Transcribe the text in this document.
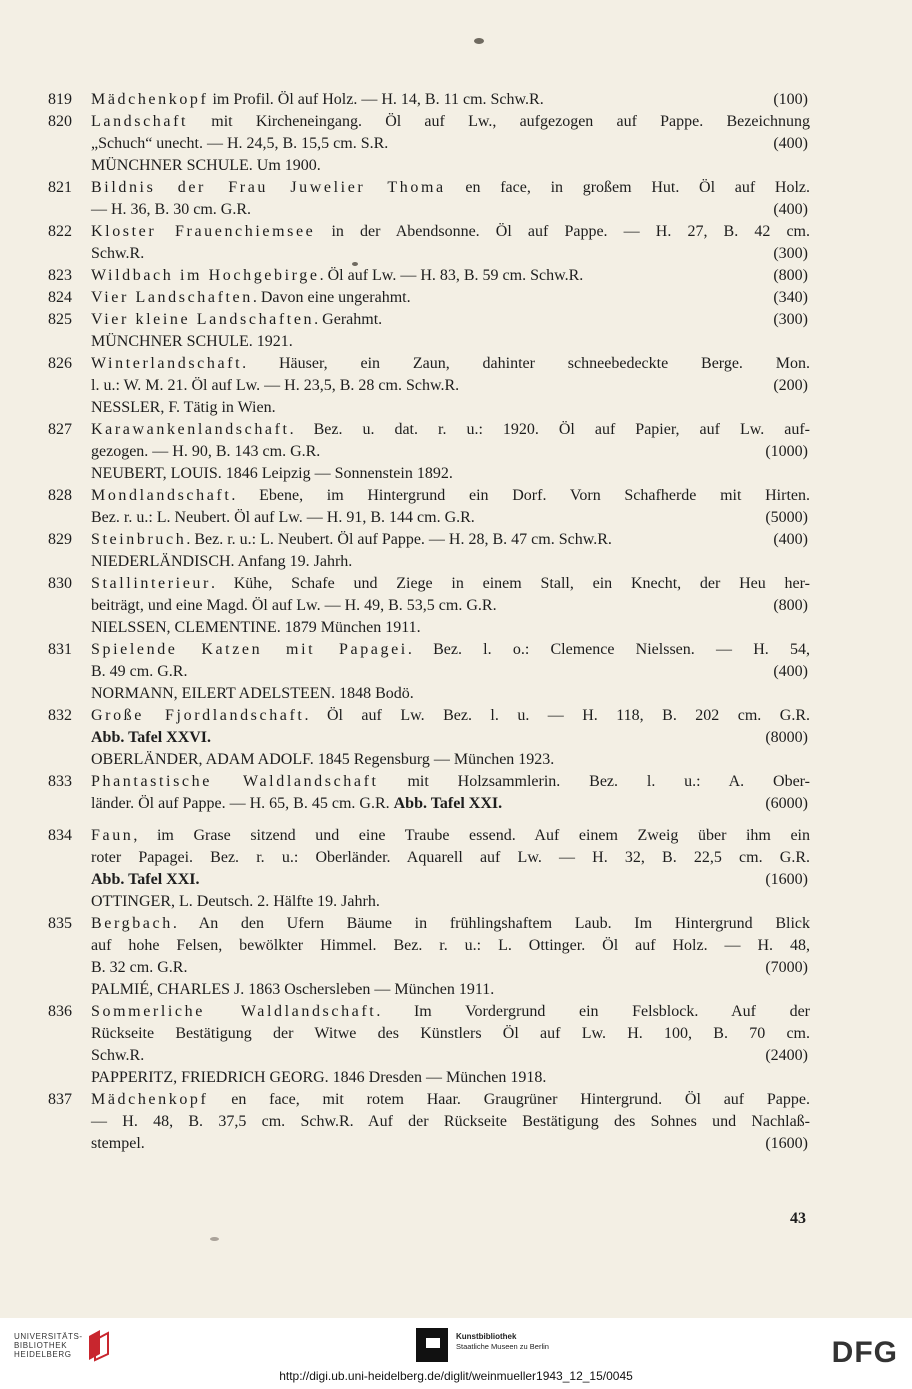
819 Mädchenkopf im Profil. Öl auf Holz. — H. 14, B. 11 cm. Schw.R.	(100)
820 Landschaft mit Kircheneingang. Öl auf Lw., aufgezogen auf Pappe. Bezeichnung
„Schuch“ unecht. — H. 24,5, B. 15,5 cm. S.R.	(400)
MÜNCHNER SCHULE. Um 1900.
821 Bildnis der Frau Juwelier Thoma en face, in großem Hut. Öl auf Holz.
— H. 36, B. 30 cm. G.R.	(400)
822 Kloster Frauenchiemsee in der Abendsonne. Öl auf Pappe. — H. 27, B. 42 cm.
Schw.R.	(300)
823 Wildbach im Hochgebirge. Öl auf Lw. — H. 83, B. 59 cm. Schw.R.	(800)
824 Vier Landschaften. Davon eine ungerahmt.	(340)
825 Vier kleine Landschaften. Gerahmt.	(300)
MÜNCHNER SCHULE. 1921.
826 Winterlandschaft. Häuser, ein Zaun, dahinter schneebedeckte Berge. Mon.
l. u.: W. M. 21. Öl auf Lw. — H. 23,5, B. 28 cm. Schw.R.	(200)
NESSLER, F. Tätig in Wien.
827 Karawankenlandschaft. Bez. u. dat. r. u.: 1920. Öl auf Papier, auf Lw. auf-
gezogen. — H. 90, B. 143 cm. G.R.	(1000)
NEUBERT, LOUIS. 1846 Leipzig — Sonnenstein 1892.
828 Mondlandschaft. Ebene, im Hintergrund ein Dorf. Vorn Schafherde mit Hirten.
Bez. r. u.: L. Neubert. Öl auf Lw. — H. 91, B. 144 cm. G.R.	(5000)
829 Steinbruch. Bez. r. u.: L. Neubert. Öl auf Pappe. — H. 28, B. 47 cm. Schw.R.	(400)
NIEDERLÄNDISCH. Anfang 19. Jahrh.
830 Stallinterieur. Kühe, Schafe und Ziege in einem Stall, ein Knecht, der Heu her-
beiträgt, und eine Magd. Öl auf Lw. — H. 49, B. 53,5 cm. G.R.	(800)
NIELSSEN, CLEMENTINE. 1879 München 1911.
831 Spielende Katzen mit Papagei. Bez. l. o.: Clemence Nielssen. — H. 54,
B. 49 cm. G.R.	(400)
NORMANN, EILERT ADELSTEEN. 1848 Bodö.
832 Große Fjordlandschaft. Öl auf Lw. Bez. l. u. — H. 118, B. 202 cm. G.R.
Abb. Tafel XXVI.	(8000)
OBERLÄNDER, ADAM ADOLF. 1845 Regensburg — München 1923.
833 Phantastische Waldlandschaft mit Holzsammlerin. Bez. l. u.: A. Ober-
länder. Öl auf Pappe. — H. 65, B. 45 cm. G.R. Abb. Tafel XXI.	(6000)
834 Faun, im Grase sitzend und eine Traube essend. Auf einem Zweig über ihm ein
roter Papagei. Bez. r. u.: Oberländer. Aquarell auf Lw. — H. 32, B. 22,5 cm. G.R.
Abb. Tafel XXI.	(1600)
OTTINGER, L. Deutsch. 2. Hälfte 19. Jahrh.
835 Bergbach. An den Ufern Bäume in frühlingshaftem Laub. Im Hintergrund Blick
auf hohe Felsen, bewölkter Himmel. Bez. r. u.: L. Ottinger. Öl auf Holz. — H. 48,
B. 32 cm. G.R.	(7000)
PALMIÉ, CHARLES J. 1863 Oschersleben — München 1911.
836 Sommerliche Waldlandschaft. Im Vordergrund ein Felsblock. Auf der
Rückseite Bestätigung der Witwe des Künstlers Öl auf Lw. H. 100, B. 70 cm.
Schw.R.	(2400)
PAPPERITZ, FRIEDRICH GEORG. 1846 Dresden — München 1918.
837 Mädchenkopf en face, mit rotem Haar. Graugrüner Hintergrund. Öl auf Pappe.
— H. 48, B. 37,5 cm. Schw.R. Auf der Rückseite Bestätigung des Sohnes und Nachlaß-
stempel.	(1600)
43
UNIVERSITÄTS-
BIBLIOTHEK
HEIDELBERG
Kunstbibliothek
Staatliche Museen zu Berlin	DFG
http://digi.ub.uni-heidelberg.de/diglit/weinmueller1943_12_15/0045
